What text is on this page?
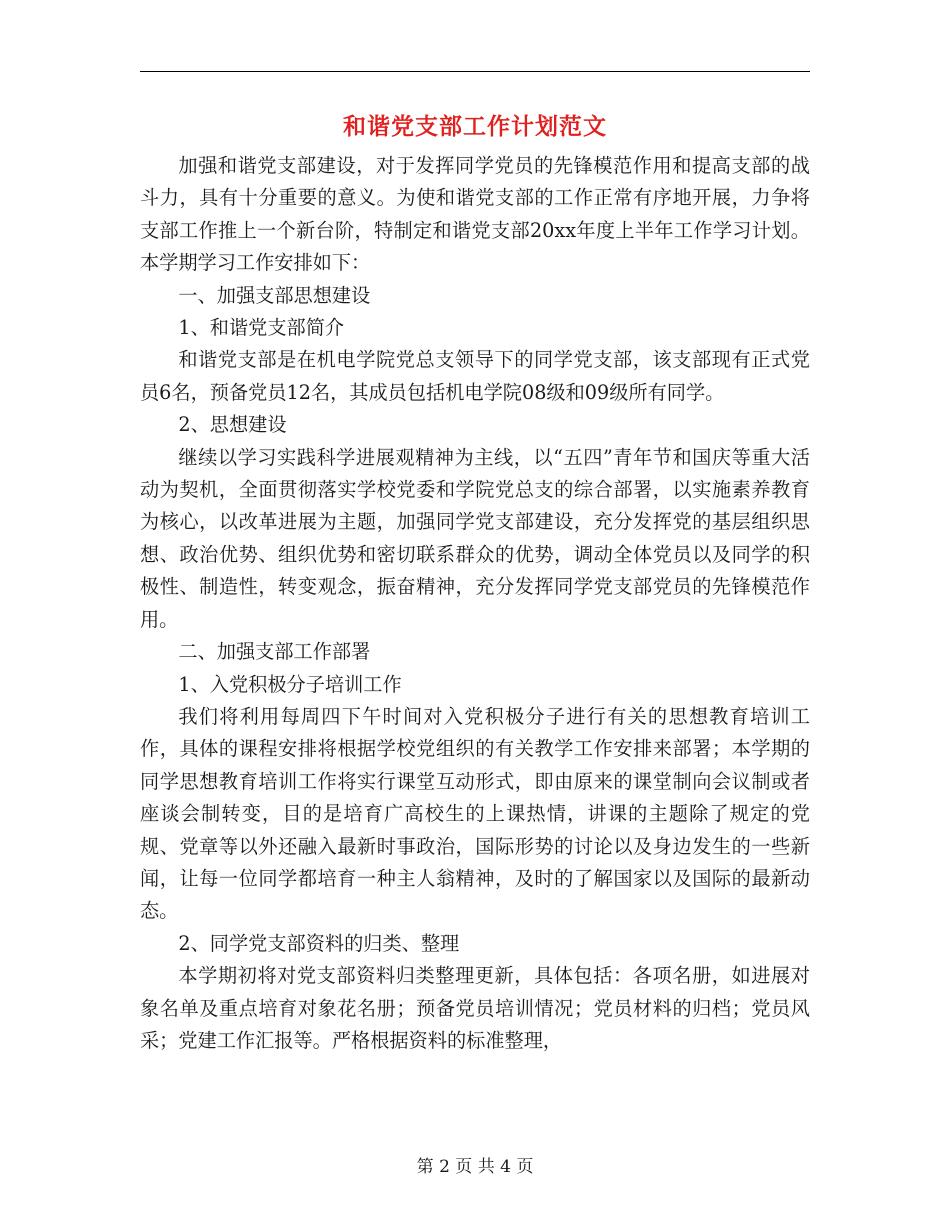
和谐党支部工作计划范文

加强和谐党支部建设，对于发挥同学党员的先锋模范作用和提高支部的战斗力，具有十分重要的意义。为使和谐党支部的工作正常有序地开展，力争将支部工作推上一个新台阶，特制定和谐党支部20xx年度上半年工作学习计划。本学期学习工作安排如下：

一、加强支部思想建设

1、和谐党支部简介

和谐党支部是在机电学院党总支领导下的同学党支部，该支部现有正式党员6名，预备党员12名，其成员包括机电学院08级和09级所有同学。

2、思想建设

继续以学习实践科学进展观精神为主线，以“五四”青年节和国庆等重大活动为契机，全面贯彻落实学校党委和学院党总支的综合部署，以实施素养教育为核心，以改革进展为主题，加强同学党支部建设，充分发挥党的基层组织思想、政治优势、组织优势和密切联系群众的优势，调动全体党员以及同学的积极性、制造性，转变观念，振奋精神，充分发挥同学党支部党员的先锋模范作用。

二、加强支部工作部署

1、入党积极分子培训工作

我们将利用每周四下午时间对入党积极分子进行有关的思想教育培训工作，具体的课程安排将根据学校党组织的有关教学工作安排来部署；本学期的同学思想教育培训工作将实行课堂互动形式，即由原来的课堂制向会议制或者座谈会制转变，目的是培育广高校生的上课热情，讲课的主题除了规定的党规、党章等以外还融入最新时事政治，国际形势的讨论以及身边发生的一些新闻，让每一位同学都培育一种主人翁精神，及时的了解国家以及国际的最新动态。

2、同学党支部资料的归类、整理

本学期初将对党支部资料归类整理更新，具体包括：各项名册，如进展对象名单及重点培育对象花名册；预备党员培训情况；党员材料的归档；党员风采；党建工作汇报等。严格根据资料的标准整理，

第 2 页 共 4 页
